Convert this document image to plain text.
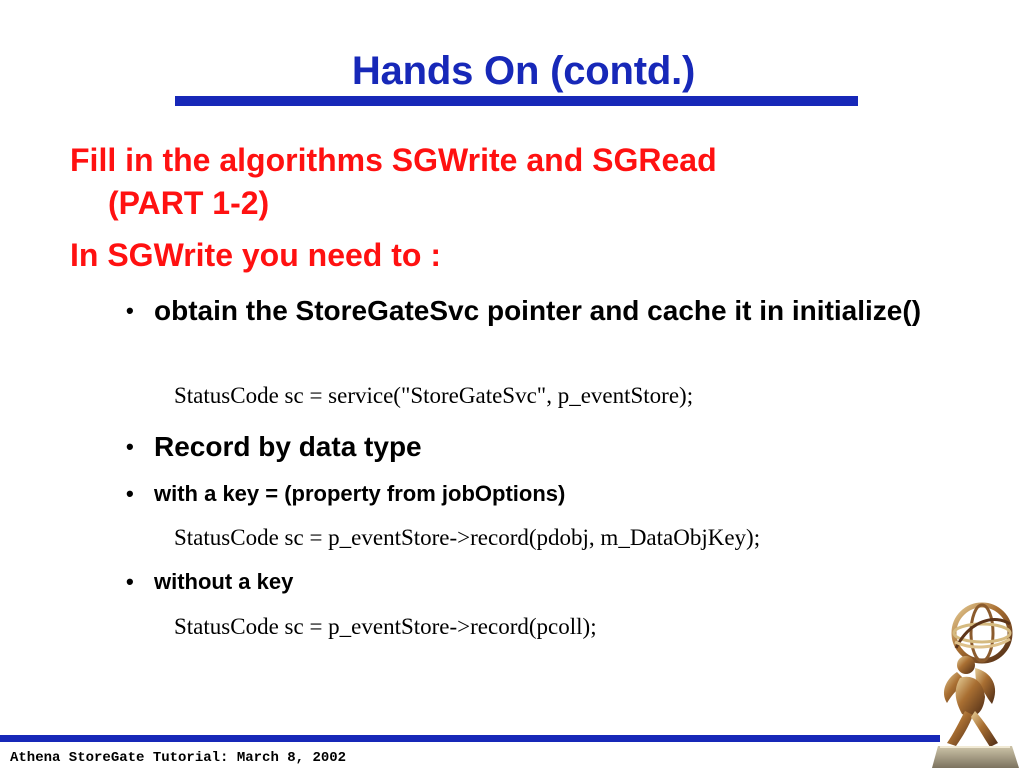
Hands On (contd.)

Fill in the algorithms SGWrite and SGRead
(PART 1-2)

In SGWrite you need to :

• obtain the StoreGateSvc pointer and cache it in initialize()

StatusCode sc = service("StoreGateSvc", p_eventStore);

• Record by data type
• with a key = (property from jobOptions)

StatusCode sc = p_eventStore->record(pdobj, m_DataObjKey);

• without a key

StatusCode sc = p_eventStore->record(pcoll);

Athena StoreGate Tutorial: March 8, 2002
